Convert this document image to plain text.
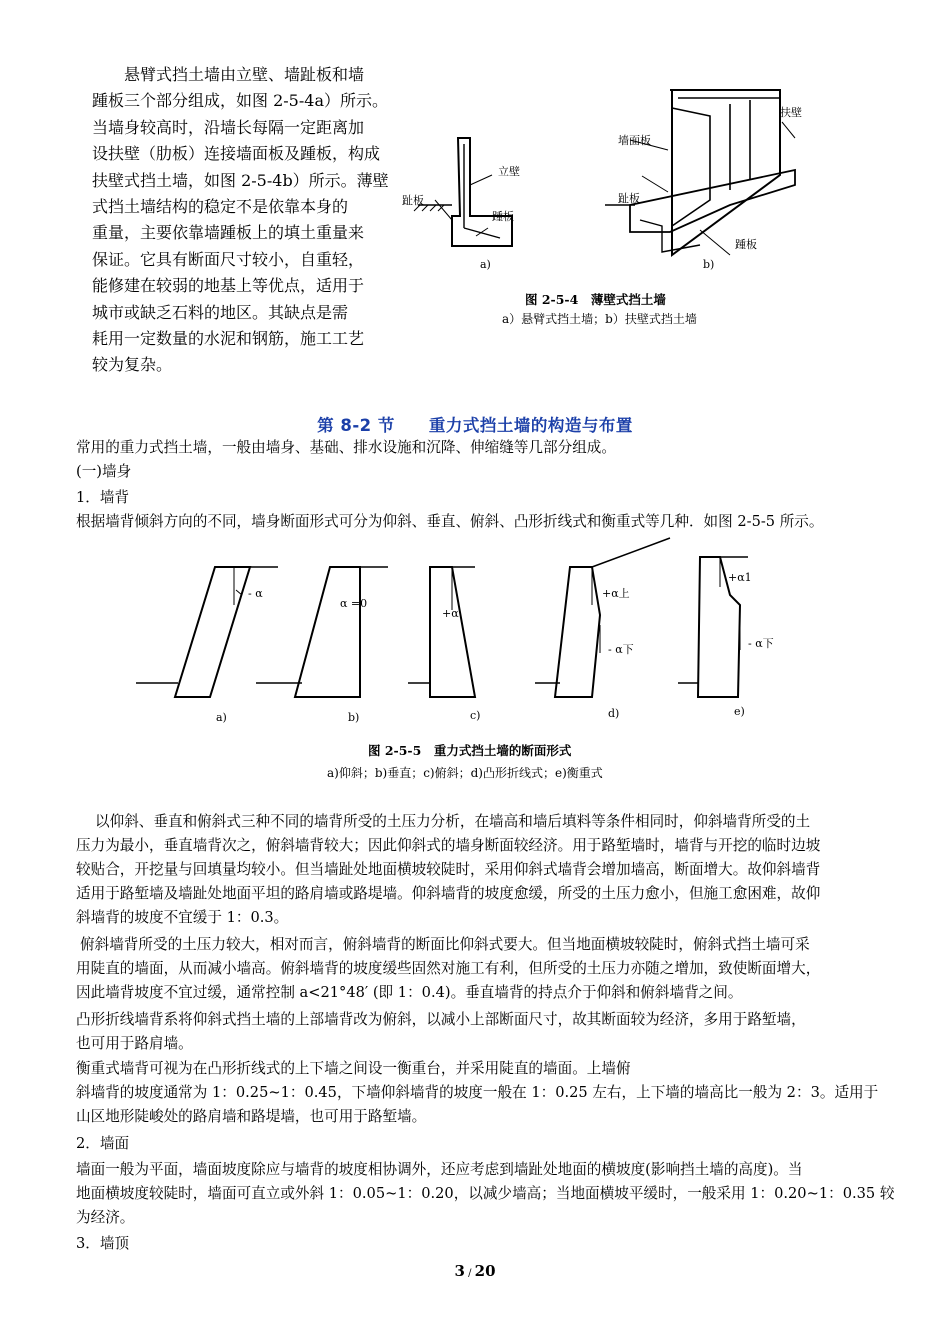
悬臂式挡土墙由立壁、墙趾板和墙
踵板三个部分组成，如图 2-5-4a）所示。
当墙身较高时，沿墙长每隔一定距离加
设扶壁（肋板）连接墙面板及踵板，构成
扶壁式挡土墙，如图 2-5-4b）所示。薄壁
式挡土墙结构的稳定不是依靠本身的
重量，主要依靠墙踵板上的填土重量来
保证。它具有断面尺寸较小，自重轻，
能修建在较弱的地基上等优点，适用于
城市或缺乏石料的地区。其缺点是需
耗用一定数量的水泥和钢筋，施工工艺
较为复杂。
立壁
趾板
踵板
a)
墙面板
扶壁
趾板
踵板
b)
图 2-5-4　薄壁式挡土墙
a）悬臂式挡土墙；b）扶壁式挡土墙
第 8-2 节 重力式挡土墙的构造与布置
常用的重力式挡土墙，一般由墙身、基础、排水设施和沉降、伸缩缝等几部分组成。
(一)墙身
1．墙背
根据墙背倾斜方向的不同，墙身断面形式可分为仰斜、垂直、俯斜、凸形折线式和衡重式等几种．如图 2-5-5 所示。
- α
α =0
+α
+α上
- α下
+α1
- α下
a)	b)	c)	d)	e)
图 2-5-5　重力式挡土墙的断面形式
a)仰斜；b)垂直；c)俯斜；d)凸形折线式；e)衡重式
以仰斜、垂直和俯斜式三种不同的墙背所受的土压力分析，在墙高和墙后填料等条件相同时，仰斜墙背所受的土
压力为最小，垂直墙背次之，俯斜墙背较大；因此仰斜式的墙身断面较经济。用于路堑墙时，墙背与开挖的临时边坡
较贴合，开挖量与回填量均较小。但当墙趾处地面横坡较陡时，采用仰斜式墙背会增加墙高，断面增大。故仰斜墙背
适用于路堑墙及墙趾处地面平坦的路肩墙或路堤墙。仰斜墙背的坡度愈缓，所受的土压力愈小，但施工愈困难，故仰
斜墙背的坡度不宜缓于 1：0.3。
俯斜墙背所受的土压力较大，相对而言，俯斜墙背的断面比仰斜式要大。但当地面横坡较陡时，俯斜式挡土墙可采
用陡直的墙面，从而减小墙高。俯斜墙背的坡度缓些固然对施工有利，但所受的土压力亦随之增加，致使断面增大，
因此墙背坡度不宜过缓，通常控制 a<21°48′ (即 1：0.4)。垂直墙背的持点介于仰斜和俯斜墙背之间。
凸形折线墙背系将仰斜式挡土墙的上部墙背改为俯斜，以减小上部断面尺寸，故其断面较为经济，多用于路堑墙，
也可用于路肩墙。
衡重式墙背可视为在凸形折线式的上下墙之间设一衡重台，并采用陡直的墙面。上墙俯
斜墙背的坡度通常为 1：0.25~1：0.45，下墙仰斜墙背的坡度一般在 1：0.25 左右，上下墙的墙高比一般为 2：3。适用于
山区地形陡峻处的路肩墙和路堤墙，也可用于路堑墙。
2．墙面
墙面一般为平面，墙面坡度除应与墙背的坡度相协调外，还应考虑到墙趾处地面的横坡度(影响挡土墙的高度)。当
地面横坡度较陡时，墙面可直立或外斜 1：0.05~1：0.20，以减少墙高；当地面横坡平缓时，一般采用 1：0.20~1：0.35 较
为经济。
3．墙顶
3 / 20
